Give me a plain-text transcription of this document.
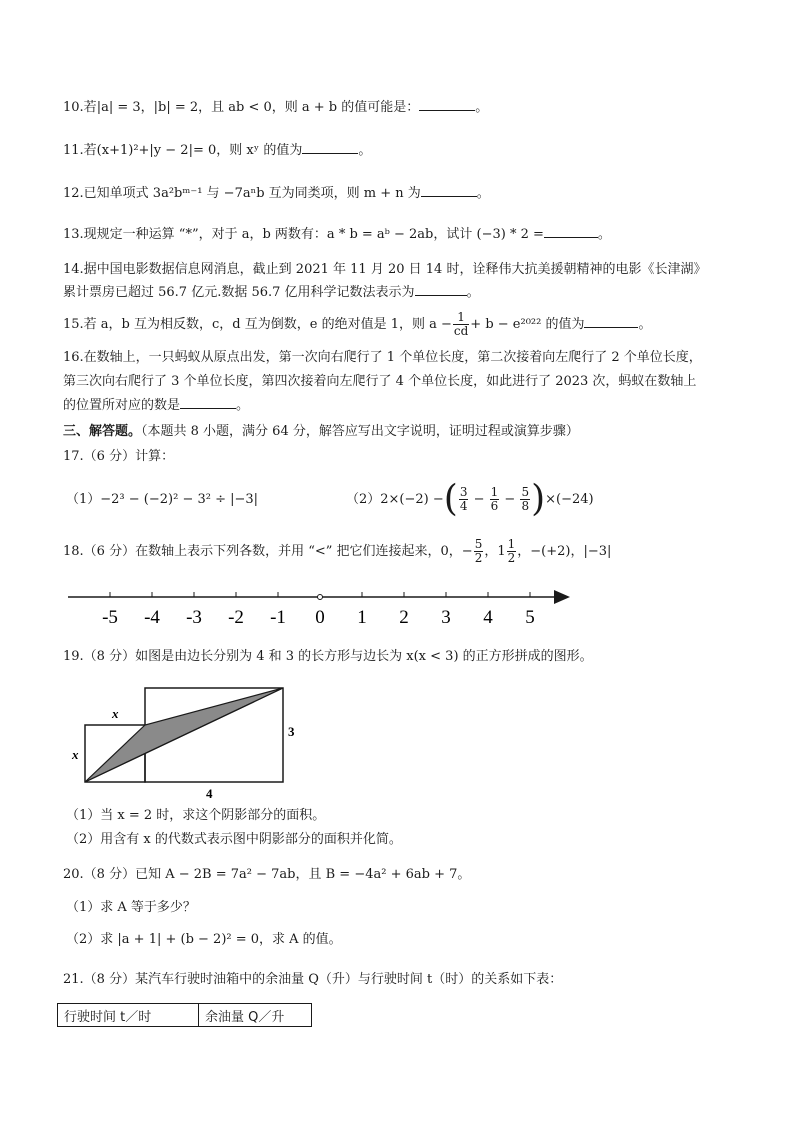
10.若|a| = 3，|b| = 2，且 ab < 0，则 a + b 的值可能是：	。
11.若(x+1)²+|y − 2|= 0，则 xʸ 的值为	。
12.已知单项式 3a²bᵐ⁻¹ 与 −7aⁿb 互为同类项，则 m + n 为	。
13.现规定一种运算 “*”，对于 a，b 两数有：a * b = aᵇ − 2ab，试计 (−3) * 2 =	。
14.据中国电影数据信息网消息，截止到 2021 年 11 月 20 日 14 时，诠释伟大抗美援朝精神的电影《长津湖》
累计票房已超过 56.7 亿元.数据 56.7 亿用科学记数法表示为	。
15.若 a，b 互为相反数，c，d 互为倒数，e 的绝对值是 1，则 $a - \frac{1}{cd} + b - e^{2022}$ 的值为	。
16.在数轴上，一只蚂蚁从原点出发，第一次向右爬行了 1 个单位长度，第二次接着向左爬行了 2 个单位长度，
第三次向右爬行了 3 个单位长度，第四次接着向左爬行了 4 个单位长度，如此进行了 2023 次，蚂蚁在数轴上
的位置所对应的数是	。
三、解答题。（本题共 8 小题，满分 64 分，解答应写出文字说明，证明过程或演算步骤）
17.（6 分）计算：
（1）−2³ − (−2)² − 3² ÷ |−3|	（2）2×(−2) −( $\frac{3}{4} - \frac{1}{6} - \frac{5}{8} )\times(-24)$
18.（6 分）在数轴上表示下列各数，并用 “<” 把它们连接起来，0，− $\frac{5}{2}$ ，$1 \frac{1}{2}$ ，−(+2)，|−3|
-5 -4 -3 -2 -1 0 1 2 3 4 5
19.（8 分）如图是由边长分别为 4 和 3 的长方形与边长为 x(x < 3) 的正方形拼成的图形。
x
x
3
4
（1）当 x = 2 时，求这个阴影部分的面积。
（2）用含有 x 的代数式表示图中阴影部分的面积并化简。
20.（8 分）已知 A − 2B = 7a² − 7ab，且 B = −4a² + 6ab + 7。
（1）求 A 等于多少？
（2）求 |a + 1| + (b − 2)² = 0，求 A 的值。
21.（8 分）某汽车行驶时油箱中的余油量 Q（升）与行驶时间 t（时）的关系如下表：
行驶时间 t／时	余油量 Q／升
